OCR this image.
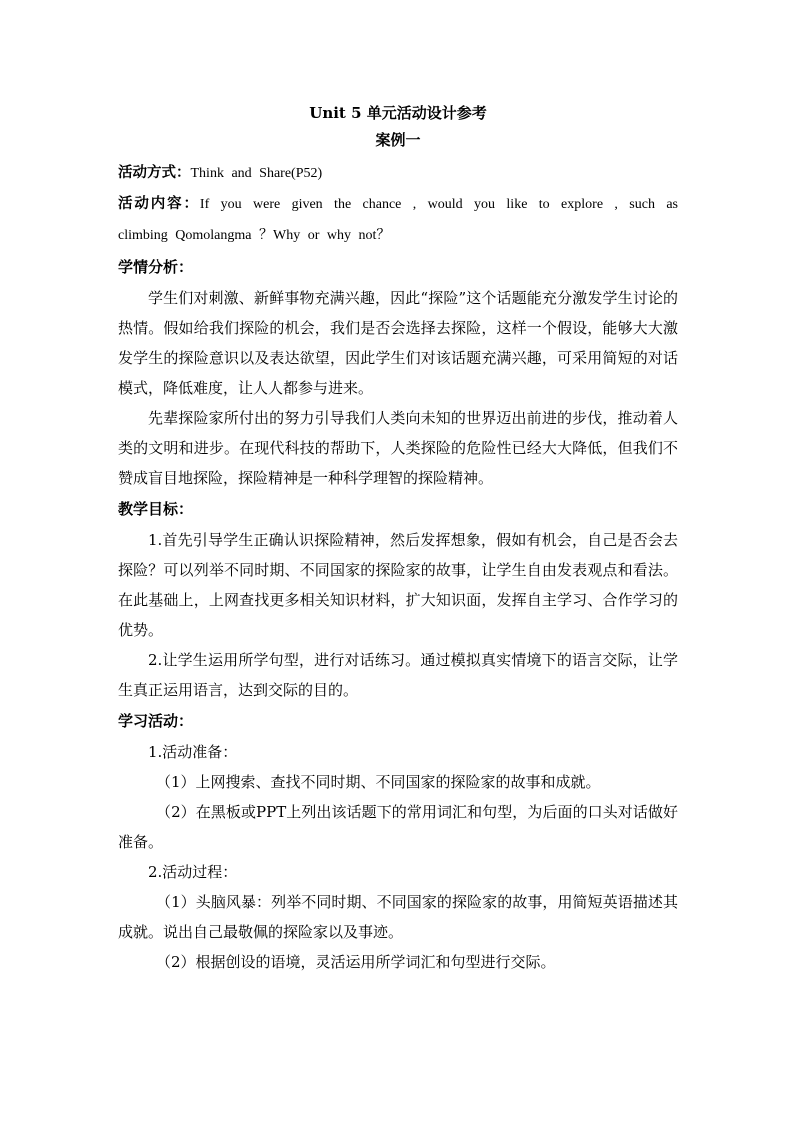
Unit 5 单元活动设计参考

案例一

活动方式：Think and Share(P52)

活动内容：If you were given the chance , would you like to explore , such as

climbing Qomolangma ？Why or why not？

学情分析：

学生们对刺激、新鲜事物充满兴趣，因此“探险”这个话题能充分激发学生讨论的热情。假如给我们探险的机会，我们是否会选择去探险，这样一个假设，能够大大激发学生的探险意识以及表达欲望，因此学生们对该话题充满兴趣，可采用简短的对话模式，降低难度，让人人都参与进来。

先辈探险家所付出的努力引导我们人类向未知的世界迈出前进的步伐，推动着人类的文明和进步。在现代科技的帮助下，人类探险的危险性已经大大降低，但我们不赞成盲目地探险，探险精神是一种科学理智的探险精神。

教学目标：

1.首先引导学生正确认识探险精神，然后发挥想象，假如有机会，自己是否会去探险？可以列举不同时期、不同国家的探险家的故事，让学生自由发表观点和看法。在此基础上，上网查找更多相关知识材料，扩大知识面，发挥自主学习、合作学习的优势。

2.让学生运用所学句型，进行对话练习。通过模拟真实情境下的语言交际，让学生真正运用语言，达到交际的目的。

学习活动：

1.活动准备：

（1）上网搜索、查找不同时期、不同国家的探险家的故事和成就。

（2）在黑板或PPT上列出该话题下的常用词汇和句型，为后面的口头对话做好准备。

2.活动过程：

（1）头脑风暴：列举不同时期、不同国家的探险家的故事，用简短英语描述其成就。说出自己最敬佩的探险家以及事迹。

（2）根据创设的语境，灵活运用所学词汇和句型进行交际。
